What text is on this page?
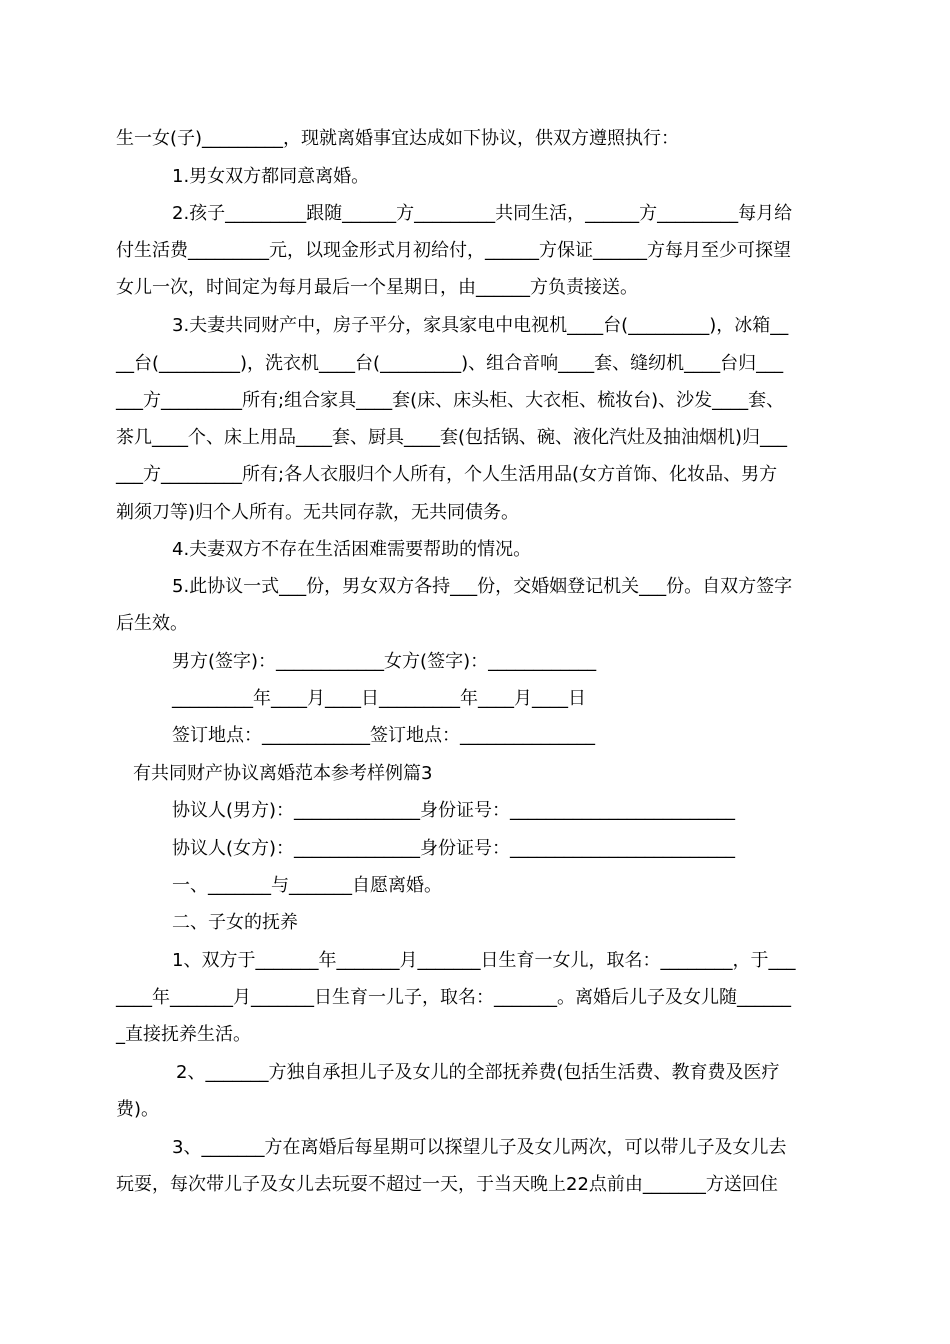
生一女(子)_________，现就离婚事宜达成如下协议，供双方遵照执行：
1.男女双方都同意离婚。
2.孩子_________跟随______方_________共同生活，______方_________每月给
付生活费_________元，以现金形式月初给付，______方保证______方每月至少可探望
女儿一次，时间定为每月最后一个星期日，由______方负责接送。
3.夫妻共同财产中，房子平分，家具家电中电视机____台(_________)，冰箱__
__台(_________)，洗衣机____台(_________)、组合音响____套、缝纫机____台归___
___方_________所有;组合家具____套(床、床头柜、大衣柜、梳妆台)、沙发____套、
茶几____个、床上用品____套、厨具____套(包括锅、碗、液化汽灶及抽油烟机)归___
___方_________所有;各人衣服归个人所有，个人生活用品(女方首饰、化妆品、男方
剃须刀等)归个人所有。无共同存款，无共同债务。
4.夫妻双方不存在生活困难需要帮助的情况。
5.此协议一式___份，男女双方各持___份，交婚姻登记机关___份。自双方签字
后生效。
男方(签字)：____________女方(签字)：____________
_________年____月____日_________年____月____日
签订地点：____________签订地点：_______________
有共同财产协议离婚范本参考样例篇3
协议人(男方)：______________身份证号：_________________________
协议人(女方)：______________身份证号：_________________________
一、_______与_______自愿离婚。
二、子女的抚养
1、双方于_______年_______月_______日生育一女儿，取名：________，于___
____年_______月_______日生育一儿子，取名：_______。离婚后儿子及女儿随______
_直接抚养生活。
2、_______方独自承担儿子及女儿的全部抚养费(包括生活费、教育费及医疗
费)。
3、_______方在离婚后每星期可以探望儿子及女儿两次，可以带儿子及女儿去
玩耍，每次带儿子及女儿去玩耍不超过一天，于当天晚上22点前由_______方送回住
